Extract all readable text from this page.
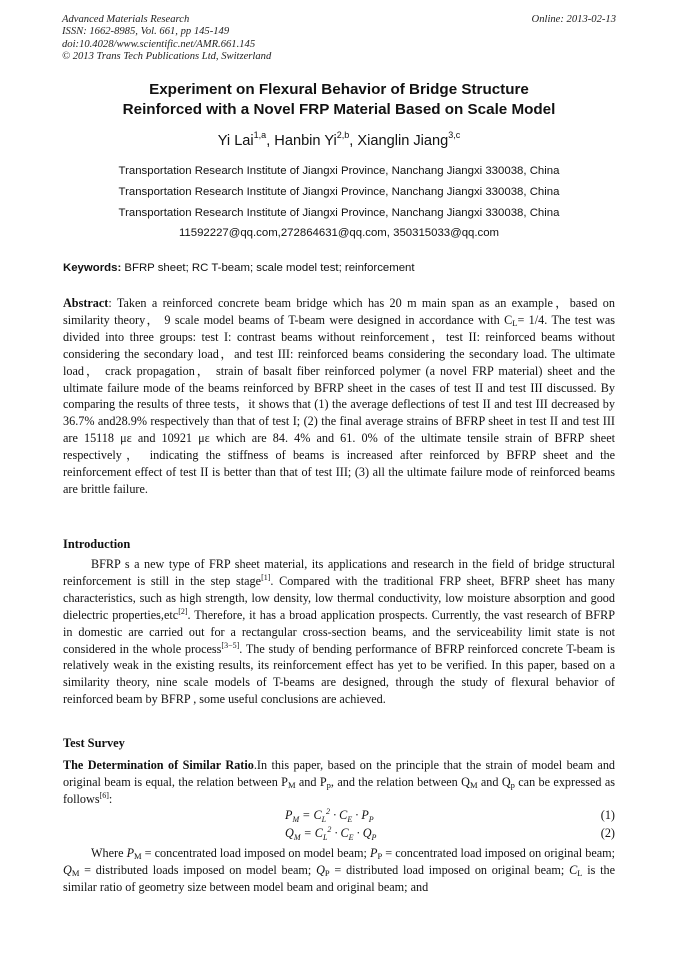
Advanced Materials Research
ISSN: 1662-8985, Vol. 661, pp 145-149
doi:10.4028/www.scientific.net/AMR.661.145
© 2013 Trans Tech Publications Ltd, Switzerland
Online: 2013-02-13
Experiment on Flexural Behavior of Bridge Structure
Reinforced with a Novel FRP Material Based on Scale Model
Yi Lai$^{1,a}$, Hanbin Yi$^{2,b}$, Xianglin Jiang$^{3,c}$
Transportation Research Institute of Jiangxi Province, Nanchang Jiangxi 330038, China
Transportation Research Institute of Jiangxi Province, Nanchang Jiangxi 330038, China
Transportation Research Institute of Jiangxi Province, Nanchang Jiangxi 330038, China
11592227@qq.com,272864631@qq.com, 350315033@qq.com
Keywords: BFRP sheet; RC T-beam; scale model test; reinforcement
Abstract: Taken a reinforced concrete beam bridge which has 20 m main span as an example，based on similarity theory， 9 scale model beams of T-beam were designed in accordance with $C_L= 1/4$. The test was divided into three groups: test I: contrast beams without reinforcement，test II: reinforced beams without considering the secondary load，and test III: reinforced beams considering the secondary load. The ultimate load， crack propagation， strain of basalt fiber reinforced polymer (a novel FRP material) sheet and the ultimate failure mode of the beams reinforced by BFRP sheet in the cases of test II and test III discussed. By comparing the results of three tests，it shows that (1) the average deflections of test II and test III decreased by 36.7% and28.9% respectively than that of test I; (2) the final average strains of BFRP sheet in test II and test III are 15118 με and 10921 με which are 84. 4% and 61. 0% of the ultimate tensile strain of BFRP sheet respectively， indicating the stiffness of beams is increased after reinforced by BFRP sheet and the reinforcement effect of test II is better than that of test III; (3) all the ultimate failure mode of reinforced beams are brittle failure.
Introduction
BFRP s a new type of FRP sheet material, its applications and research in the field of bridge structural reinforcement is still in the step stage[1]. Compared with the traditional FRP sheet, BFRP sheet has many characteristics, such as high strength, low density, low thermal conductivity, low moisture absorption and good dielectric properties,etc[2]. Therefore, it has a broad application prospects. Currently, the vast research of BFRP in domestic are carried out for a rectangular cross-section beams, and the serviceability limit state is not considered in the whole process[3−5]. The study of bending performance of BFRP reinforced concrete T-beam is relatively weak in the existing results, its reinforcement effect has yet to be verified. In this paper, based on a similarity theory, nine scale models of T-beams are designed, through the study of flexural behavior of reinforced beam by BFRP , some useful conclusions are achieved.
Test Survey
The Determination of Similar Ratio.In this paper, based on the principle that the strain of model beam and original beam is equal, the relation between $P_M$ and $P_p$, and the relation between $Q_M$ and $Q_p$ can be expressed as follows[6]:
$P_M = C_L^2 \cdot C_E \cdot P_P$	(1)
$Q_M = C_L^2 \cdot C_E \cdot Q_P$	(2)
Where $P_M$ = concentrated load imposed on model beam; $P_P$ = concentrated load imposed on original beam; $Q_M$ = distributed loads imposed on model beam; $Q_P$ = distributed load imposed on original beam; $C_L$ is the similar ratio of geometry size between model beam and original beam; and
